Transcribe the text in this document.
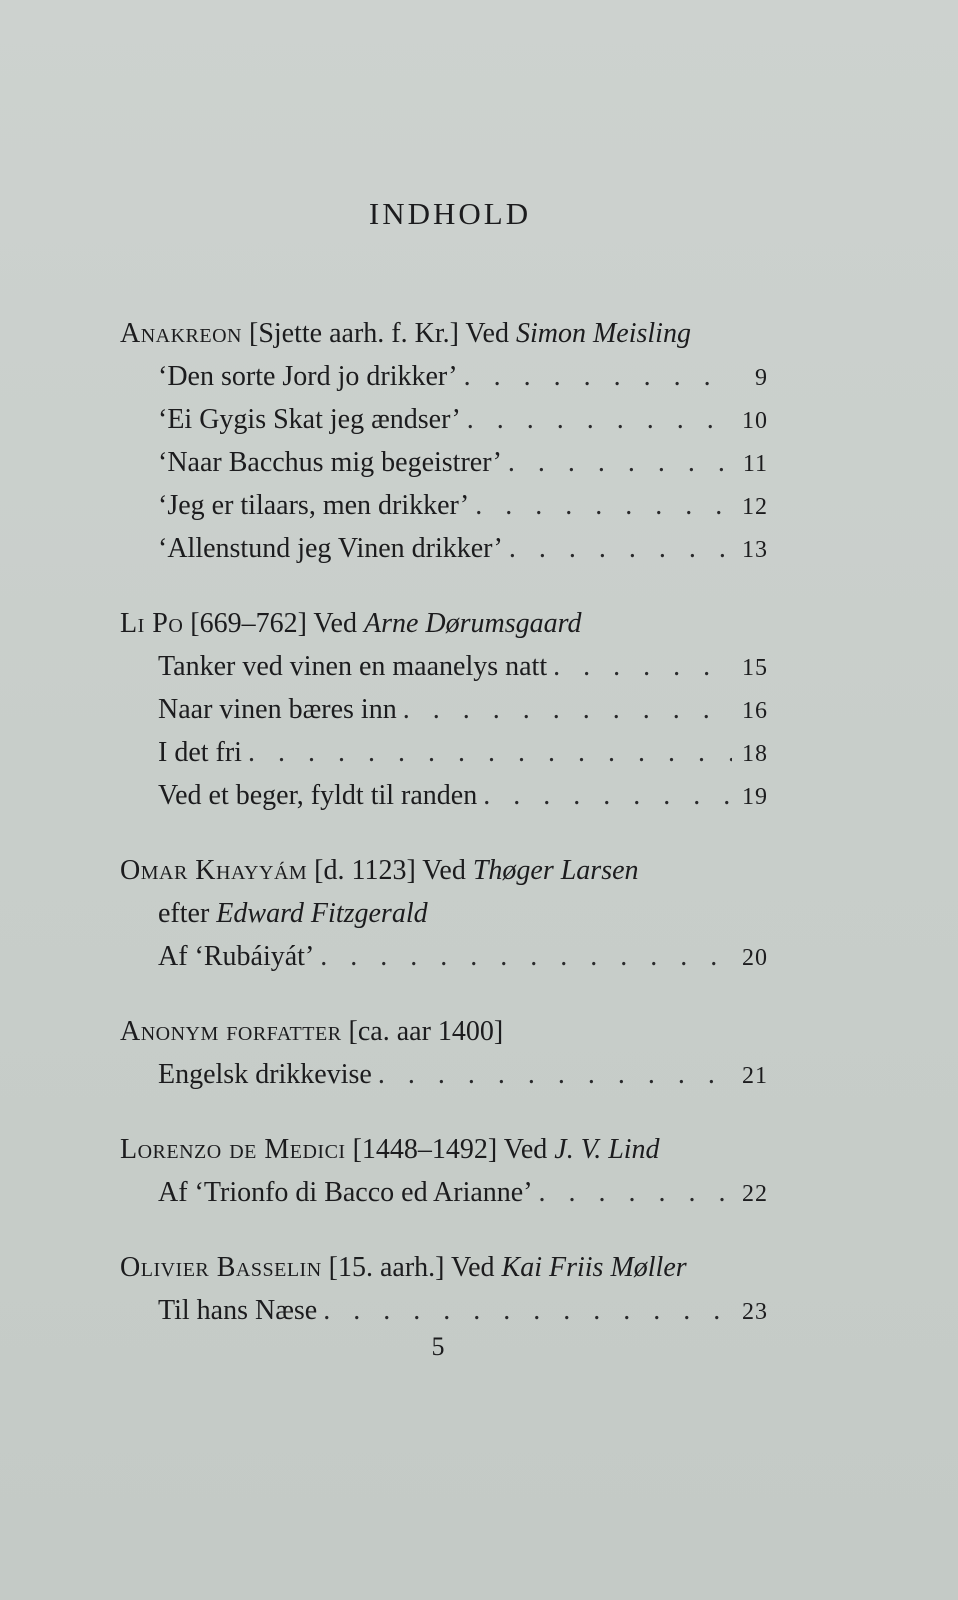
INDHOLD
Anakreon [Sjette aarh. f. Kr.] Ved Simon Meisling
‘Den sorte Jord jo drikker’ . . .	9
‘Ei Gygis Skat jeg ændser’ . . .	10
‘Naar Bacchus mig begeistrer’ . . .	11
‘Jeg er tilaars, men drikker’ . . .	12
‘Allenstund jeg Vinen drikker’ . . .	13
Li Po [669–762] Ved Arne Dørumsgaard
Tanker ved vinen en maanelys natt . . .	15
Naar vinen bæres inn . . .	16
I det fri . . .	18
Ved et beger, fyldt til randen . . .	19
Omar Khayyám [d. 1123] Ved Thøger Larsen
efter Edward Fitzgerald
Af ‘Rubáiyát’ . . .	20
Anonym forfatter [ca. aar 1400]
Engelsk drikkevise . . .	21
Lorenzo de Medici [1448–1492] Ved J. V. Lind
Af ‘Trionfo di Bacco ed Arianne’ . . .	22
Olivier Basselin [15. aarh.] Ved Kai Friis Møller
Til hans Næse . . .	23
5
